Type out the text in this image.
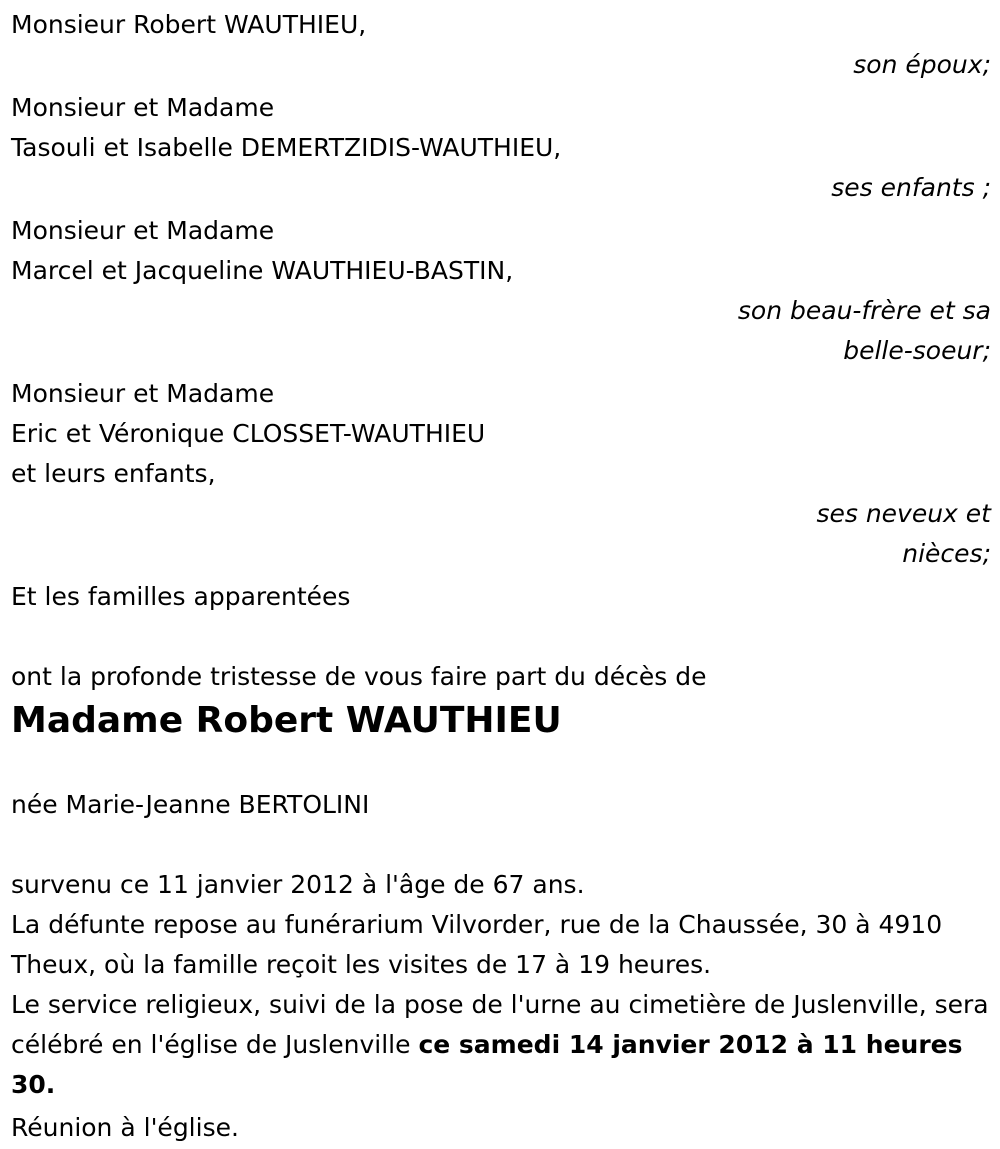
Monsieur Robert WAUTHIEU,
son époux;
Monsieur et Madame
Tasouli et Isabelle DEMERTZIDIS-WAUTHIEU,
ses enfants ;
Monsieur et Madame
Marcel et Jacqueline WAUTHIEU-BASTIN,
son beau-frère et sa
belle-soeur;
Monsieur et Madame
Eric et Véronique CLOSSET-WAUTHIEU
et leurs enfants,
ses neveux et
nièces;
Et les familles apparentées
ont la profonde tristesse de vous faire part du décès de
Madame Robert WAUTHIEU
née Marie-Jeanne BERTOLINI
survenu ce 11 janvier 2012 à l'âge de 67 ans.

La défunte repose au funérarium Vilvorder, rue de la Chaussée, 30 à 4910 Theux, où la famille reçoit les visites de 17 à 19 heures.

Le service religieux, suivi de la pose de l'urne au cimetière de Juslenville, sera célébré en l'église de Juslenville ce samedi 14 janvier 2012 à 11 heures 30.

Réunion à l'église.
